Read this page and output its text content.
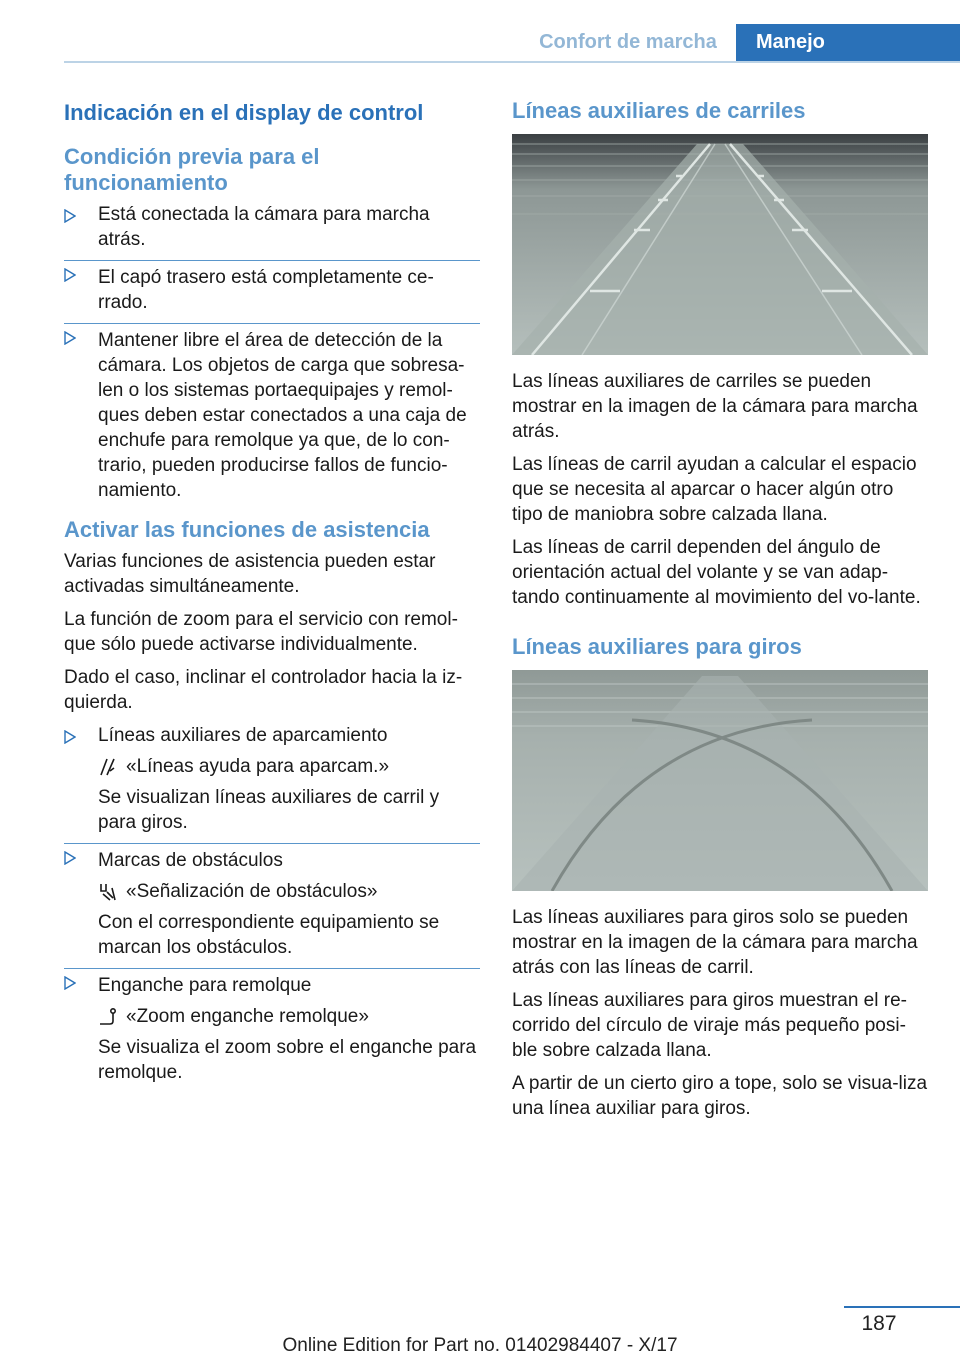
Confort de marcha	Manejo
Indicación en el display de control
Condición previa para el funcionamiento

Está conectada la cámara para marcha atrás.

El capó trasero está completamente ce‐rrado.

Mantener libre el área de detección de la cámara. Los objetos de carga que sobresa‐len o los sistemas portaequipajes y remol‐ques deben estar conectados a una caja de enchufe para remolque ya que, de lo con‐trario, pueden producirse fallos de funcio‐namiento.

Activar las funciones de asistencia

Varias funciones de asistencia pueden estar activadas simultáneamente.

La función de zoom para el servicio con remol‐que sólo puede activarse individualmente.

Dado el caso, inclinar el controlador hacia la iz‐quierda.

Líneas auxiliares de aparcamiento

«Líneas ayuda para aparcam.»

Se visualizan líneas auxiliares de carril y para giros.

Marcas de obstáculos

«Señalización de obstáculos»

Con el correspondiente equipamiento se marcan los obstáculos.

Enganche para remolque

«Zoom enganche remolque»

Se visualiza el zoom sobre el enganche para remolque.

Líneas auxiliares de carriles

Las líneas auxiliares de carriles se pueden mostrar en la imagen de la cámara para marcha atrás.

Las líneas de carril ayudan a calcular el espacio que se necesita al aparcar o hacer algún otro tipo de maniobra sobre calzada llana.

Las líneas de carril dependen del ángulo de orientación actual del volante y se van adap‐tando continuamente al movimiento del vo‐lante.

Líneas auxiliares para giros

Las líneas auxiliares para giros solo se pueden mostrar en la imagen de la cámara para marcha atrás con las líneas de carril.

Las líneas auxiliares para giros muestran el re‐corrido del círculo de viraje más pequeño posi‐ble sobre calzada llana.

A partir de un cierto giro a tope, solo se visua‐liza una línea auxiliar para giros.

187
Online Edition for Part no. 01402984407 - X/17
